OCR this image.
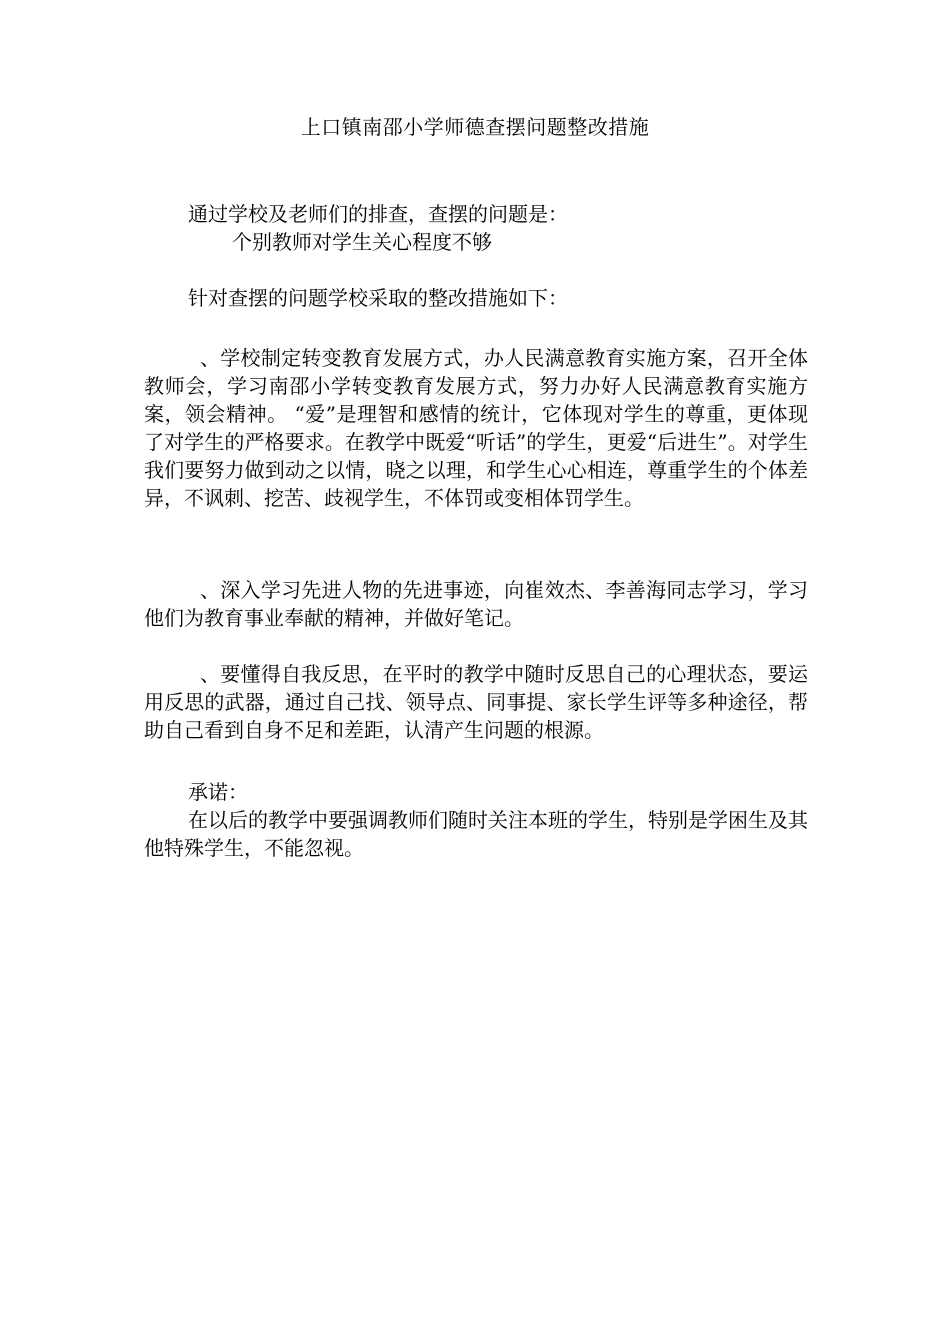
上口镇南邵小学师德查摆问题整改措施
通过学校及老师们的排查，查摆的问题是：
个别教师对学生关心程度不够
针对查摆的问题学校采取的整改措施如下：
、学校制定转变教育发展方式，办人民满意教育实施方案，召开全体教师会，学习南邵小学转变教育发展方式，努力办好人民满意教育实施方案，领会精神。 “爱”是理智和感情的统计，它体现对学生的尊重，更体现了对学生的严格要求。在教学中既爱“听话”的学生，更爱“后进生”。对学生我们要努力做到动之以情，晓之以理，和学生心心相连，尊重学生的个体差异，不讽刺、挖苦、歧视学生，不体罚或变相体罚学生。
、深入学习先进人物的先进事迹，向崔效杰、李善海同志学习，学习他们为教育事业奉献的精神，并做好笔记。
、要懂得自我反思，在平时的教学中随时反思自己的心理状态，要运用反思的武器，通过自己找、领导点、同事提、家长学生评等多种途径，帮助自己看到自身不足和差距，认清产生问题的根源。
承诺：
在以后的教学中要强调教师们随时关注本班的学生，特别是学困生及其他特殊学生，不能忽视。
